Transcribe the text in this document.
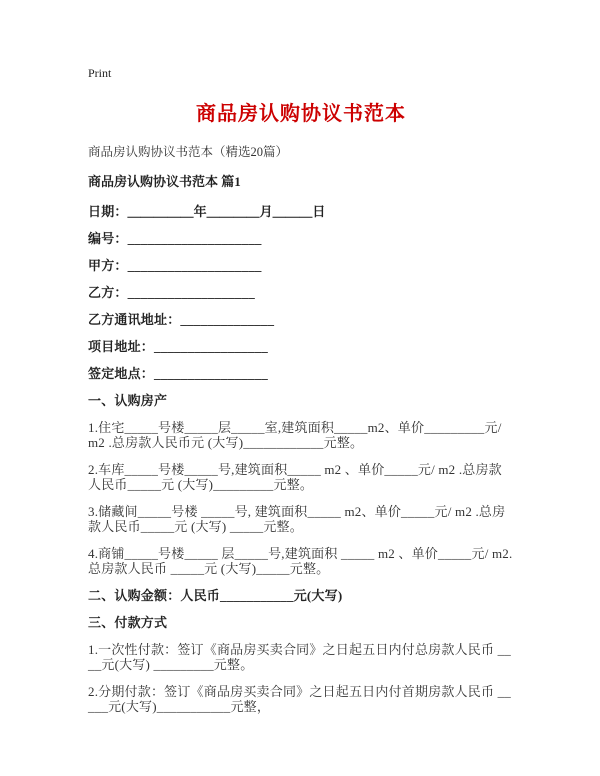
Print
商品房认购协议书范本

商品房认购协议书范本（精选20篇）

商品房认购协议书范本 篇1

日期：＿＿＿＿＿年＿＿＿＿月＿＿＿日

编号：____________________

甲方：____________________

乙方：___________________

乙方通讯地址：______________

项目地址：_________________

签定地点：_________________

一、认购房产

1.住宅_____号楼_____层_____室,建筑面积_____m2、单价_________元/ m2 .总房款人民币元 (大写)____________元整。

2.车库_____号楼_____号,建筑面积_____ m2 、单价_____元/ m2 .总房款人民币_____元 (大写)_________元整。

3.储藏间_____号楼 _____号, 建筑面积_____ m2、单价_____元/ m2 .总房款人民币_____元 (大写) _____元整。

4.商铺_____号楼_____ 层_____号,建筑面积 _____ m2 、单价_____元/ m2.总房款人民币 _____元 (大写)_____元整。

二、认购金额：人民币___________元(大写)

三、付款方式

1.一次性付款：签订《商品房买卖合同》之日起五日内付总房款人民币 ____元(大写) _________元整。

2.分期付款：签订《商品房买卖合同》之日起五日内付首期房款人民币 _____元(大写)___________元整，
